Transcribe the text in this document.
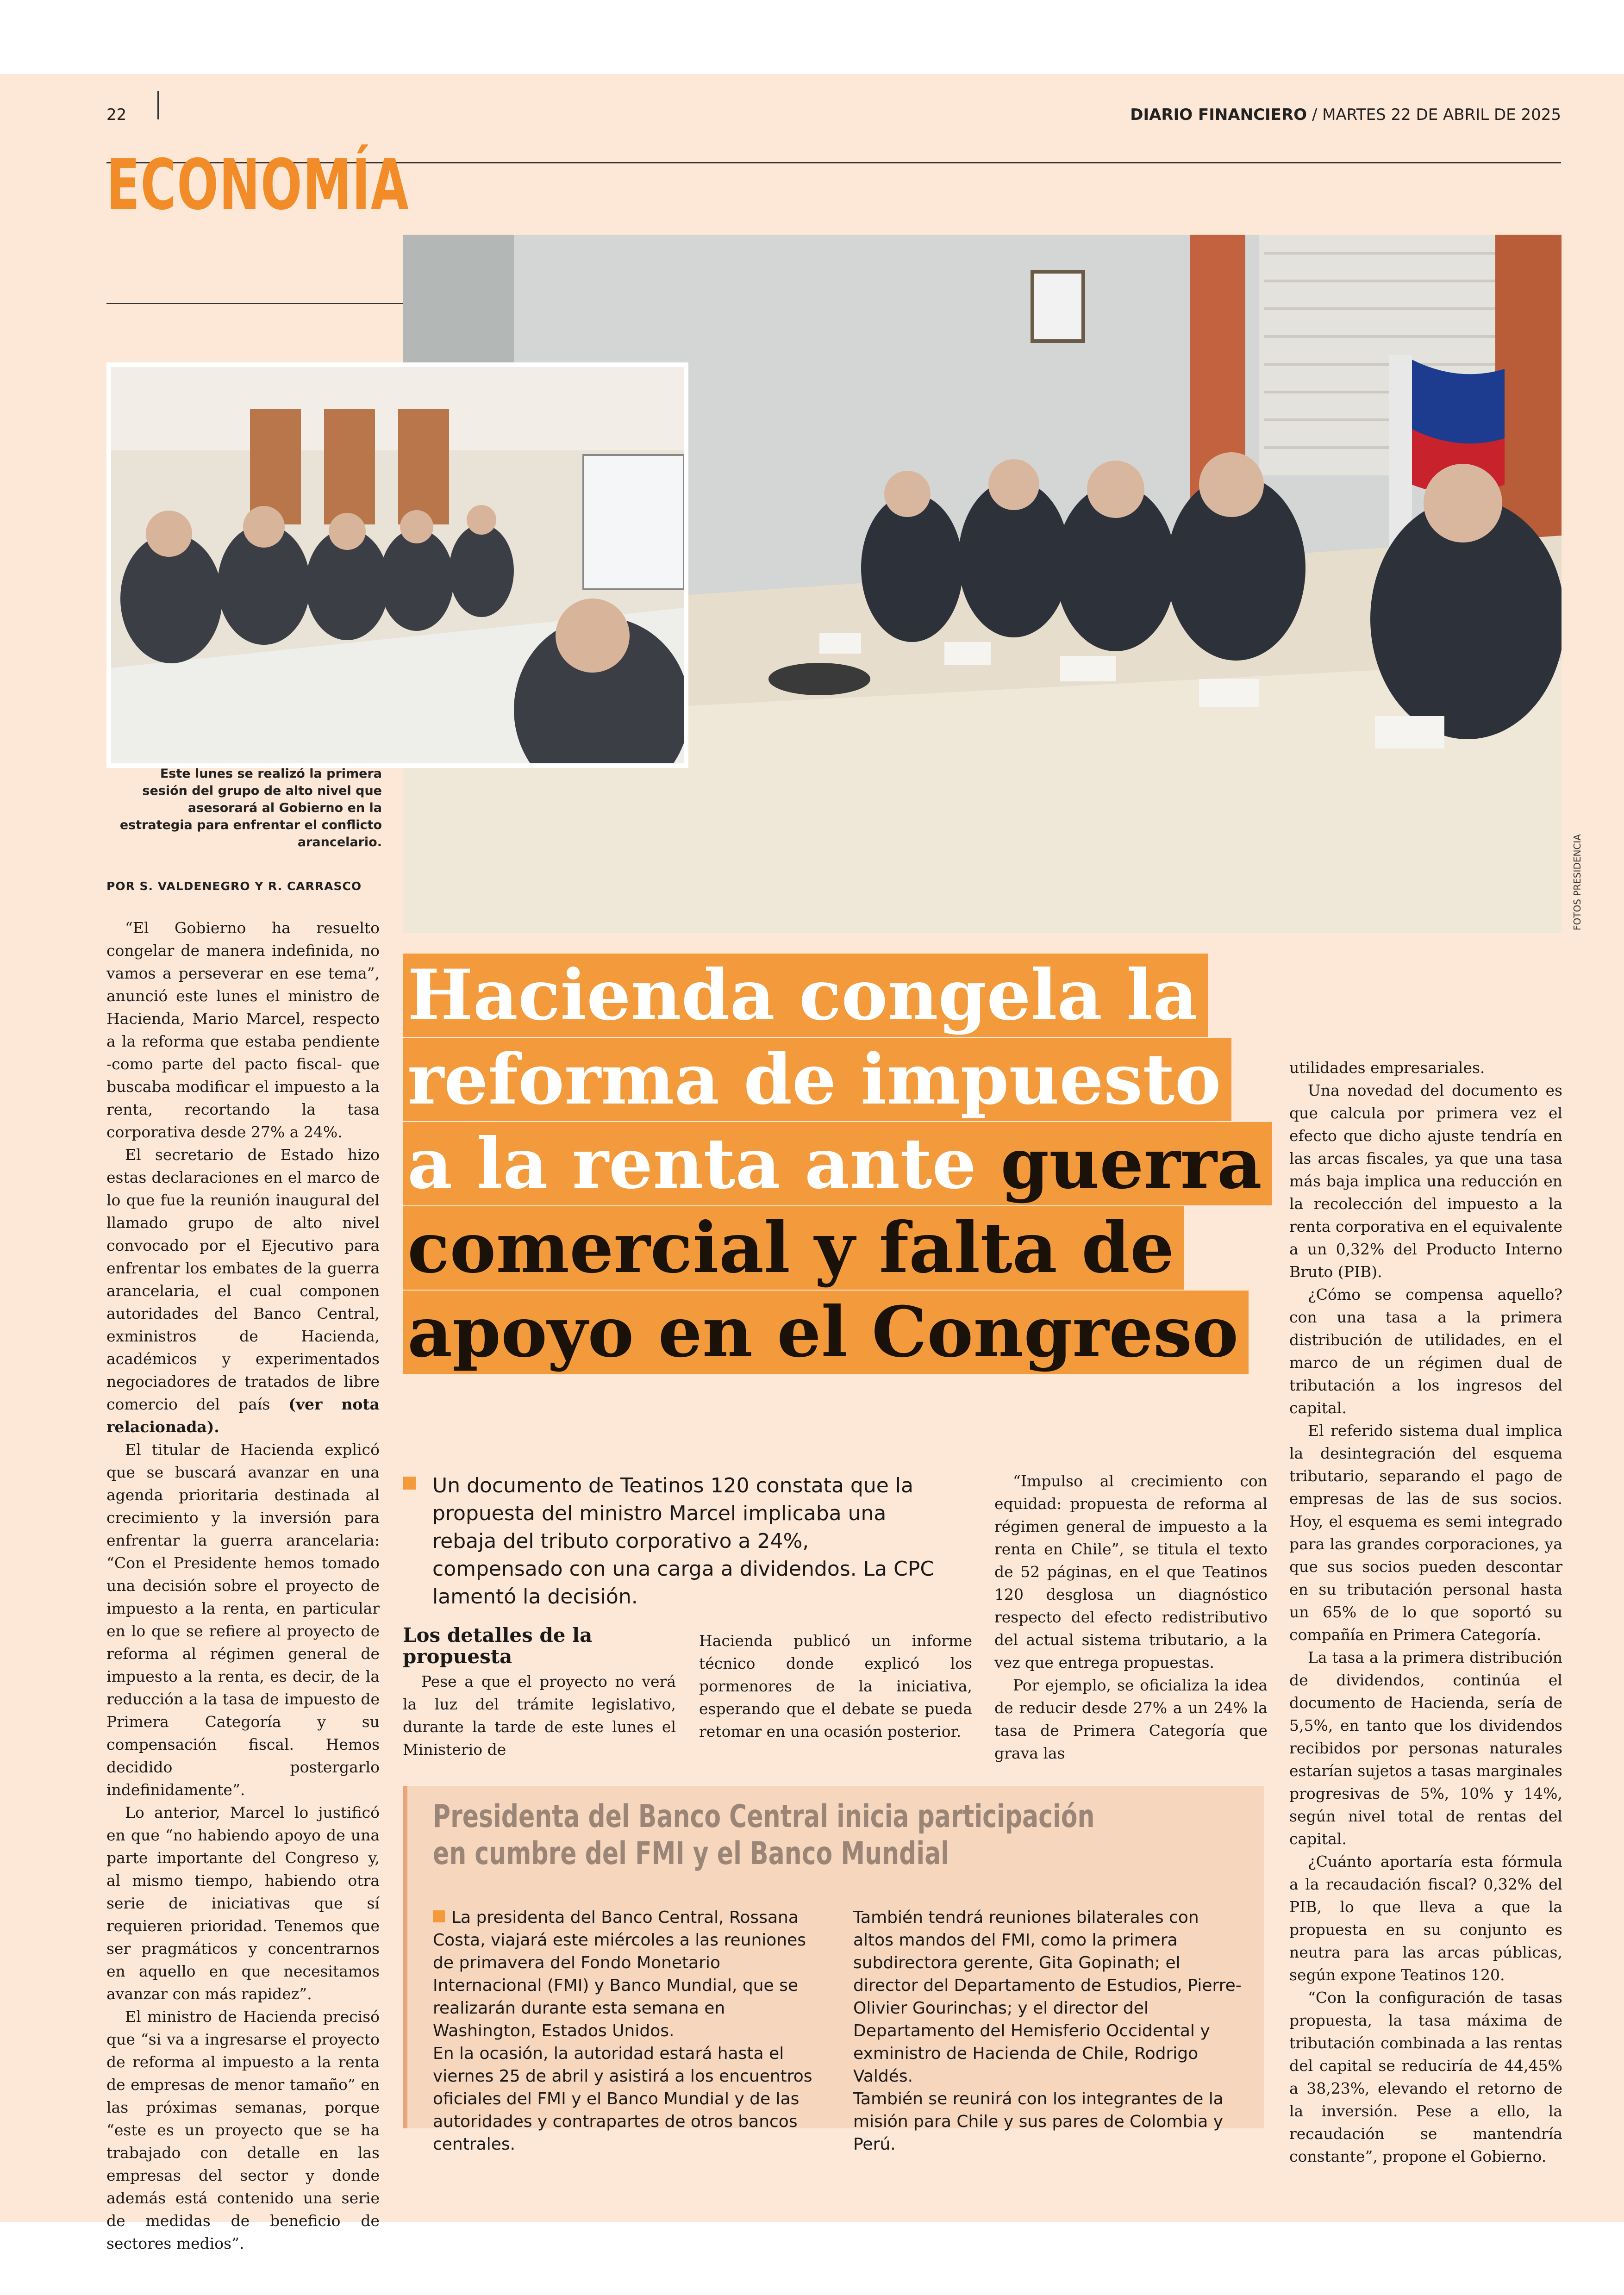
22	DIARIO FINANCIERO / MARTES 22 DE ABRIL DE 2025
ECONOMÍA
Este lunes se realizó la primera sesión del grupo de alto nivel que asesorará al Gobierno en la estrategia para enfrentar el conflicto arancelario.	FOTOS PRESIDENCIA
POR S. VALDENEGRO Y R. CARRASCO
Hacienda congela la
reforma de impuesto
a la renta ante guerra
comercial y falta de
apoyo en el Congreso

“El Gobierno ha resuelto congelar de manera indefinida, no vamos a perseverar en ese tema”, anunció este lunes el ministro de Hacienda, Mario Marcel, respecto a la reforma que estaba pendiente -como parte del pacto fiscal- que buscaba modificar el impuesto a la renta, recortando la tasa corporativa desde 27% a 24%.

El secretario de Estado hizo estas declaraciones en el marco de lo que fue la reunión inaugural del llamado grupo de alto nivel convocado por el Ejecutivo para enfrentar los embates de la guerra arancelaria, el cual componen autoridades del Banco Central, exministros de Hacienda, académicos y experimentados negociadores de tratados de libre comercio del país (ver nota relacionada).

El titular de Hacienda explicó que se buscará avanzar en una agenda prioritaria destinada al crecimiento y la inversión para enfrentar la guerra arancelaria: “Con el Presidente hemos tomado una decisión sobre el proyecto de impuesto a la renta, en particular en lo que se refiere al proyecto de reforma al régimen general de impuesto a la renta, es decir, de la reducción a la tasa de impuesto de Primera Categoría y su compensación fiscal. Hemos decidido postergarlo indefinidamente”.

Lo anterior, Marcel lo justificó en que “no habiendo apoyo de una parte importante del Congreso y, al mismo tiempo, habiendo otra serie de iniciativas que sí requieren prioridad. Tenemos que ser pragmáticos y concentrarnos en aquello en que necesitamos avanzar con más rapidez”.

El ministro de Hacienda precisó que “si va a ingresarse el proyecto de reforma al impuesto a la renta de empresas de menor tamaño” en las próximas semanas, porque “este es un proyecto que se ha trabajado con detalle en las empresas del sector y donde además está contenido una serie de medidas de beneficio de sectores medios”.

Un documento de Teatinos 120 constata que la propuesta del ministro Marcel implicaba una rebaja del tributo corporativo a 24%, compensado con una carga a dividendos. La CPC lamentó la decisión.
Los detalles de la propuesta

Pese a que el proyecto no verá la luz del trámite legislativo, durante la tarde de este lunes el Ministerio de

Hacienda publicó un informe técnico donde explicó los pormenores de la iniciativa, esperando que el debate se pueda retomar en una ocasión posterior.

“Impulso al crecimiento con equidad: propuesta de reforma al régimen general de impuesto a la renta en Chile”, se titula el texto de 52 páginas, en el que Teatinos 120 desglosa un diagnóstico respecto del efecto redistributivo del actual sistema tributario, a la vez que entrega propuestas.

Por ejemplo, se oficializa la idea de reducir desde 27% a un 24% la tasa de Primera Categoría que grava las

utilidades empresariales.

Una novedad del documento es que calcula por primera vez el efecto que dicho ajuste tendría en las arcas fiscales, ya que una tasa más baja implica una reducción en la recolección del impuesto a la renta corporativa en el equivalente a un 0,32% del Producto Interno Bruto (PIB).

¿Cómo se compensa aquello? con una tasa a la primera distribución de utilidades, en el marco de un régimen dual de tributación a los ingresos del capital.

El referido sistema dual implica la desintegración del esquema tributario, separando el pago de empresas de las de sus socios. Hoy, el esquema es semi integrado para las grandes corporaciones, ya que sus socios pueden descontar en su tributación personal hasta un 65% de lo que soportó su compañía en Primera Categoría.

La tasa a la primera distribución de dividendos, continúa el documento de Hacienda, sería de 5,5%, en tanto que los dividendos recibidos por personas naturales estarían sujetos a tasas marginales progresivas de 5%, 10% y 14%, según nivel total de rentas del capital.

¿Cuánto aportaría esta fórmula a la recaudación fiscal? 0,32% del PIB, lo que lleva a que la propuesta en su conjunto es neutra para las arcas públicas, según expone Teatinos 120.

“Con la configuración de tasas propuesta, la tasa máxima de tributación combinada a las rentas del capital se reduciría de 44,45% a 38,23%, elevando el retorno de la inversión. Pese a ello, la recaudación se mantendría constante”, propone el Gobierno.

Presidenta del Banco Central inicia participación en cumbre del FMI y el Banco Mundial

La presidenta del Banco Central, Rossana Costa, viajará este miércoles a las reuniones de primavera del Fondo Monetario Internacional (FMI) y Banco Mundial, que se realizarán durante esta semana en Washington, Estados Unidos.

En la ocasión, la autoridad estará hasta el viernes 25 de abril y asistirá a los encuentros oficiales del FMI y el Banco Mundial y de las autoridades y contrapartes de otros bancos centrales.

También tendrá reuniones bilaterales con altos mandos del FMI, como la primera subdirectora gerente, Gita Gopinath; el director del Departamento de Estudios, Pierre-Olivier Gourinchas; y el director del Departamento del Hemisferio Occidental y exministro de Hacienda de Chile, Rodrigo Valdés.

También se reunirá con los integrantes de la misión para Chile y sus pares de Colombia y Perú.
